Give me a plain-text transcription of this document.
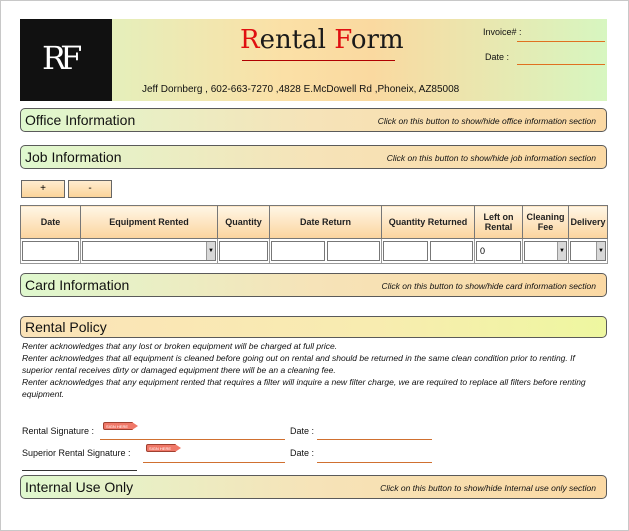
RF	Rental Form
Jeff Dornberg , 602-663-7270 ,4828 E.McDowell Rd ,Phoneix, AZ85008
Invoice# :
Date :
Office Information	Click on this button to show/hide office information section
Job Information	Click on this button to show/hide job information section
+	-
Date	Equipment Rented	Quantity	Date Return	Quantity Returned	Left on Rental	Cleaning Fee	Delivery

	▼				0	▼	▼
Card Information	Click on this button to show/hide card information section
Rental Policy
Renter acknowledges that any lost or broken equipment will be charged at full price.
Renter acknowledges that all equipment is cleaned before going out on rental and should be returned in the same clean condition prior to renting. If superior rental receives dirty or damaged equipment there will be an a cleaning fee.
Renter acknowledges that any equipment rented that requires a filter will inquire a new filter charge, we are required to replace all filters before renting equipment.
SIGN HERE
Rental Signature :	Date :
SIGN HERE
Superior Rental Signature :	Date :
Internal Use Only	Click on this button to show/hide Internal use only section
